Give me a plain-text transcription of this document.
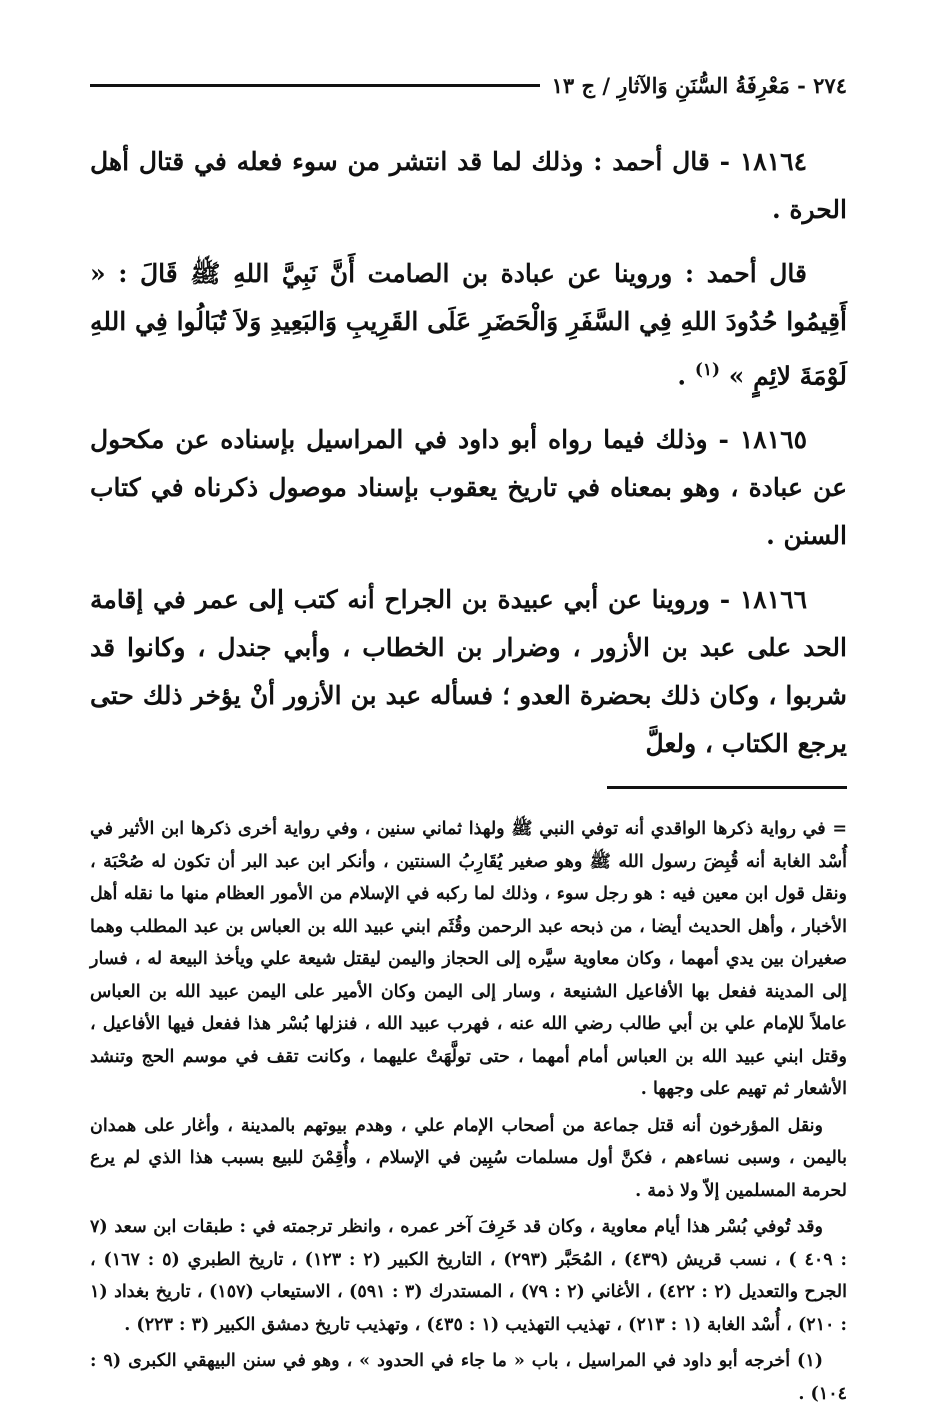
٢٧٤ - مَعْرِفَةُ السُّنَنِ وَالآثارِ / ج ١٣

١٨١٦٤ - قال أحمد : وذلك لما قد انتشر من سوء فعله في قتال أهل الحرة .

قال أحمد : وروينا عن عبادة بن الصامت أَنَّ نَبِيَّ اللهِ ﷺ قَالَ : « أَقِيمُوا حُدُودَ اللهِ فِي السَّفَرِ وَالْحَضَرِ عَلَى القَرِيبِ وَالبَعِيدِ وَلاَ تُبَالُوا فِي اللهِ لَوْمَةَ لائِمٍ » $^{(١)}$ .

١٨١٦٥ - وذلك فيما رواه أبو داود في المراسيل بإسناده عن مكحول عن عبادة ، وهو بمعناه في تاريخ يعقوب بإسناد موصول ذكرناه في كتاب السنن .

١٨١٦٦ - وروينا عن أبي عبيدة بن الجراح أنه كتب إلى عمر في إقامة الحد على عبد بن الأزور ، وضرار بن الخطاب ، وأبي جندل ، وكانوا قد شربوا ، وكان ذلك بحضرة العدو ؛ فسأله عبد بن الأزور أنْ يؤخر ذلك حتى يرجع الكتاب ، ولعلَّ

= في رواية ذكرها الواقدي أنه توفي النبي ﷺ ولهذا ثماني سنين ، وفي رواية أخرى ذكرها ابن الأثير في أُسْد الغابة أنه قُبِضَ رسول الله ﷺ وهو صغير يُقَارِبُ السنتين ، وأنكر ابن عبد البر أن تكون له صُحْبَة ، ونقل قول ابن معين فيه : هو رجل سوء ، وذلك لما ركبه في الإسلام من الأمور العظام منها ما نقله أهل الأخبار ، وأهل الحديث أيضا ، من ذبحه عبد الرحمن وقُثَم ابني عبيد الله بن العباس بن عبد المطلب وهما صغيران بين يدي أمهما ، وكان معاوية سيَّره إلى الحجاز واليمن ليقتل شيعة علي ويأخذ البيعة له ، فسار إلى المدينة ففعل بها الأفاعيل الشنيعة ، وسار إلى اليمن وكان الأمير على اليمن عبيد الله بن العباس عاملاً للإمام علي بن أبي طالب رضي الله عنه ، فهرب عبيد الله ، فنزلها بُسْر هذا ففعل فيها الأفاعيل ، وقتل ابني عبيد الله بن العباس أمام أمهما ، حتى تولَّهَتْ عليهما ، وكانت تقف في موسم الحج وتنشد الأشعار ثم تهيم على وجهها .

ونقل المؤرخون أنه قتل جماعة من أصحاب الإمام علي ، وهدم بيوتهم بالمدينة ، وأغار على همدان باليمن ، وسبى نساءهم ، فكنَّ أول مسلمات سُبِين في الإسلام ، وأُقِمْنَ للبيع بسبب هذا الذي لم يرع لحرمة المسلمين إلاّ ولا ذمة .

وقد تُوفي بُسْر هذا أيام معاوية ، وكان قد خَرِفَ آخر عمره ، وانظر ترجمته في : طبقات ابن سعد (٧ : ٤٠٩ ) ، نسب قريش (٤٣٩) ، المُحَبَّر (٢٩٣) ، التاريخ الكبير (٢ : ١٢٣) ، تاريخ الطبري (٥ : ١٦٧) ، الجرح والتعديل (٢ : ٤٢٢) ، الأغاني (٢ : ٧٩) ، المستدرك (٣ : ٥٩١) ، الاستيعاب (١٥٧) ، تاريخ بغداد (١ : ٢١٠) ، أُسْد الغابة (١ : ٢١٣) ، تهذيب التهذيب (١ : ٤٣٥) ، وتهذيب تاريخ دمشق الكبير (٣ : ٢٢٣) .

(١) أخرجه أبو داود في المراسيل ، باب « ما جاء في الحدود » ، وهو في سنن البيهقي الكبرى (٩ : ١٠٤) .
